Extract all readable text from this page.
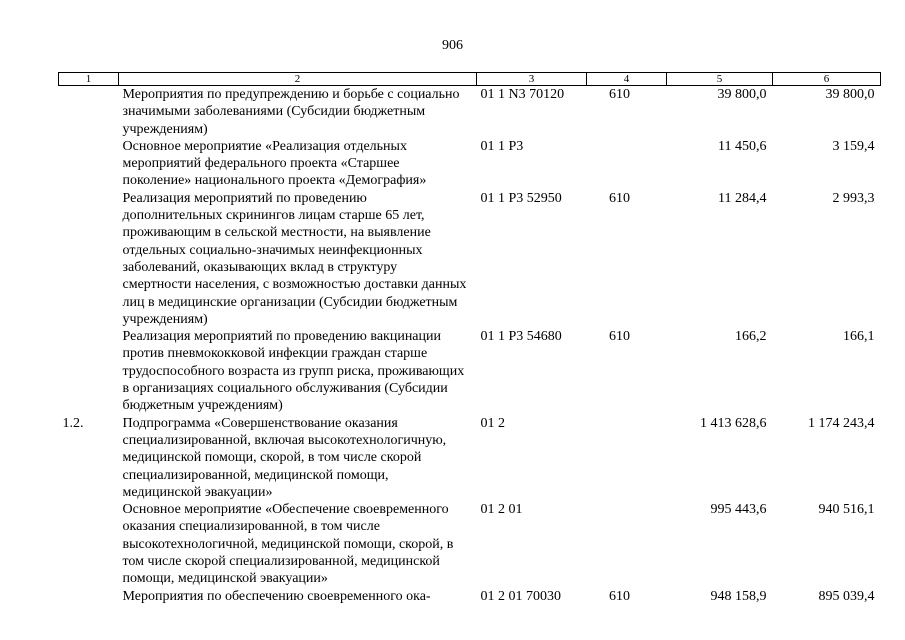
906
1	2	3	4	5	6
	Мероприятия по предупреждению и борьбе с социально значимыми заболеваниями (Субсидии бюджетным учреждениям)	01 1 N3 70120	610	39 800,0	39 800,0
	Основное мероприятие «Реализация отдельных мероприятий федерального проекта «Старшее поколение» национального проекта «Демография»	01 1 P3		11 450,6	3 159,4
	Реализация мероприятий по проведению дополнительных скринингов лицам старше 65 лет, проживающим в сельской местности, на выявление отдельных социально-значимых неинфекционных заболеваний, оказывающих вклад в структуру смертности населения, с возможностью доставки данных лиц в медицинские организации (Субсидии бюджетным учреждениям)	01 1 P3 52950	610	11 284,4	2 993,3
	Реализация мероприятий по проведению вакцинации против пневмококковой инфекции граждан старше трудоспособного возраста из групп риска, проживающих в организациях социального обслуживания (Субсидии бюджетным учреждениям)	01 1 P3 54680	610	166,2	166,1
1.2.	Подпрограмма «Совершенствование оказания специализированной, включая высокотехнологичную, медицинской помощи, скорой, в том числе скорой специализированной, медицинской помощи, медицинской эвакуации»	01 2		1 413 628,6	1 174 243,4
	Основное мероприятие «Обеспечение своевременного оказания специализированной, в том числе высокотехнологичной, медицинской помощи, скорой, в том числе скорой специализированной, медицинской помощи, медицинской эвакуации»	01 2 01		995 443,6	940 516,1
	Мероприятия по обеспечению своевременного ока-	01 2 01 70030	610	948 158,9	895 039,4
